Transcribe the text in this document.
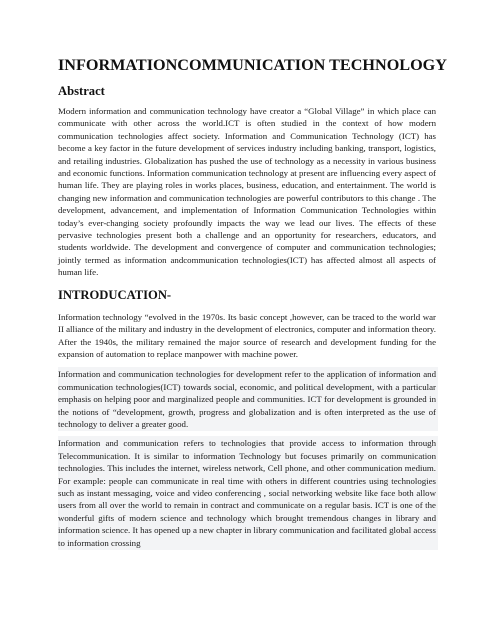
INFORMATIONCOMMUNICATION TECHNOLOGY
Abstract

Modern information and communication technology have creator a “Global Village” in which place can communicate with other across the world.ICT is often studied in the context of how modern communication technologies affect society. Information and Communication Technology (ICT) has become a key factor in the future development of services industry including banking, transport, logistics, and retailing industries. Globalization has pushed the use of technology as a necessity in various business and economic functions. Information communication technology at present are influencing every aspect of human life. They are playing roles in works places, business, education, and entertainment. The world is changing new information and communication technologies are powerful contributors to this change . The development, advancement, and implementation of Information Communication Technologies within today’s ever-changing society profoundly impacts the way we lead our lives. The effects of these pervasive technologies present both a challenge and an opportunity for researchers, educators, and students worldwide. The development and convergence of computer and communication technologies; jointly termed as information andcommunication technologies(ICT) has affected almost all aspects of human life.

INTRODUCATION-

Information technology “evolved in the 1970s. Its basic concept ,however, can be traced to the world war II alliance of the military and industry in the development of electronics, computer and information theory. After the 1940s, the military remained the major source of research and development funding for the expansion of automation to replace manpower with machine power.

Information and communication technologies for development refer to the application of information and communication technologies(ICT) towards social, economic, and political development, with a particular emphasis on helping poor and marginalized people and communities. ICT for development is grounded in the notions of “development, growth, progress and globalization and is often interpreted as the use of technology to deliver a greater good.

Information and communication refers to technologies that provide access to information through Telecommunication. It is similar to information Technology but focuses primarily on communication technologies. This includes the internet, wireless network, Cell phone, and other communication medium. For example: people can communicate in real time with others in different countries using technologies such as instant messaging, voice and video conferencing , social networking website like face both allow users from all over the world to remain in contract and communicate on a regular basis. ICT is one of the wonderful gifts of modern science and technology which brought tremendous changes in library and information science. It has opened up a new chapter in library communication and facilitated global access to information crossing
